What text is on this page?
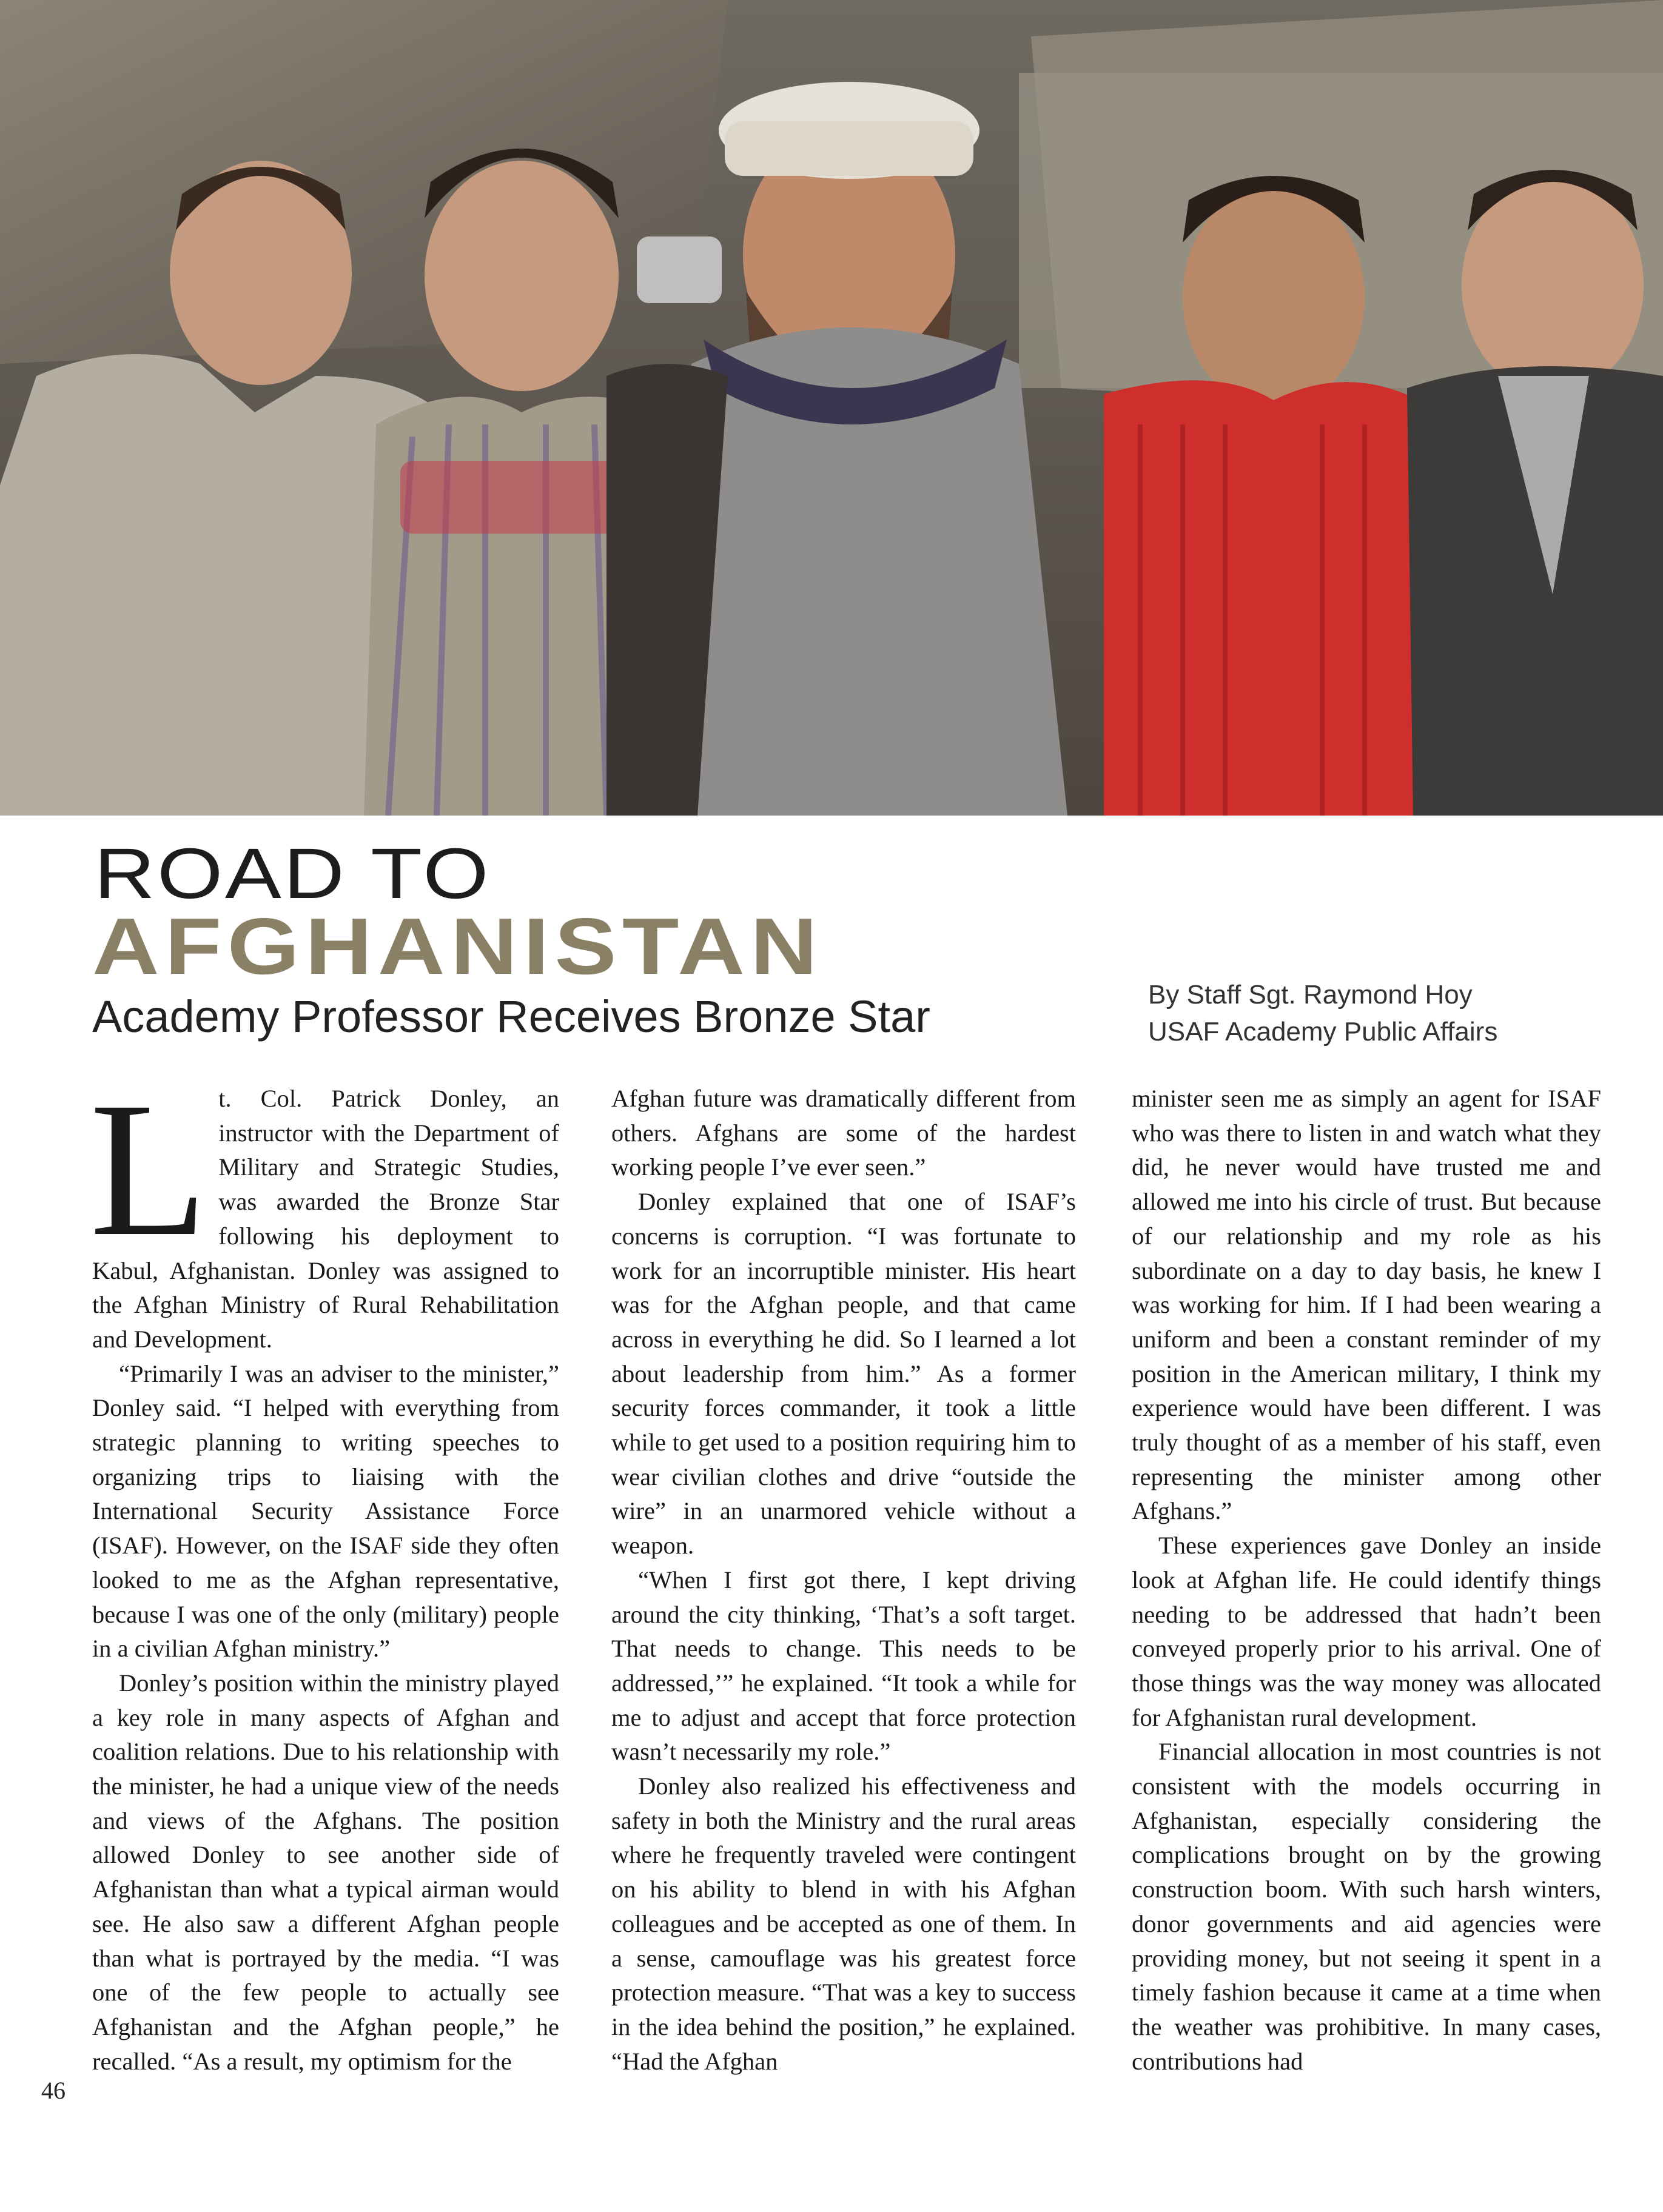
ROAD TO
AFGHANISTAN
Academy Professor Receives Bronze Star	By Staff Sgt. Raymond Hoy
USAF Academy Public Affairs
L t. Col. Patrick Donley, an instructor with the Department of Military and Strategic Studies, was awarded the Bronze Star following his deployment to Kabul, Afghanistan. Donley was assigned to the Afghan Ministry of Rural Rehabilitation and Development.

“Primarily I was an adviser to the minister,” Donley said. “I helped with everything from strategic planning to writing speeches to organizing trips to liaising with the International Security Assistance Force (ISAF). However, on the ISAF side they often looked to me as the Afghan representative, because I was one of the only (military) people in a civilian Afghan ministry.”

Donley’s position within the ministry played a key role in many aspects of Afghan and coalition relations. Due to his relationship with the minister, he had a unique view of the needs and views of the Afghans. The position allowed Donley to see another side of Afghanistan than what a typical airman would see. He also saw a different Afghan people than what is portrayed by the media. “I was one of the few people to actually see Afghanistan and the Afghan people,” he recalled. “As a result, my optimism for the

Afghan future was dramatically different from others. Afghans are some of the hardest working people I’ve ever seen.”

Donley explained that one of ISAF’s concerns is corruption. “I was fortunate to work for an incorruptible minister. His heart was for the Afghan people, and that came across in everything he did. So I learned a lot about leadership from him.” As a former security forces commander, it took a little while to get used to a position requiring him to wear civilian clothes and drive “outside the wire” in an unarmored vehicle without a weapon.

“When I first got there, I kept driving around the city thinking, ‘That’s a soft target. That needs to change. This needs to be addressed,’” he explained. “It took a while for me to adjust and accept that force protection wasn’t necessarily my role.”

Donley also realized his effectiveness and safety in both the Ministry and the rural areas where he frequently traveled were contingent on his ability to blend in with his Afghan colleagues and be accepted as one of them. In a sense, camouflage was his greatest force protection measure. “That was a key to success in the idea behind the position,” he explained. “Had the Afghan

minister seen me as simply an agent for ISAF who was there to listen in and watch what they did, he never would have trusted me and allowed me into his circle of trust. But because of our relationship and my role as his subordinate on a day to day basis, he knew I was working for him. If I had been wearing a uniform and been a constant reminder of my position in the American military, I think my experience would have been different. I was truly thought of as a member of his staff, even representing the minister among other Afghans.”

These experiences gave Donley an inside look at Afghan life. He could identify things needing to be addressed that hadn’t been conveyed properly prior to his arrival. One of those things was the way money was allocated for Afghanistan rural development.

Financial allocation in most countries is not consistent with the models occurring in Afghanistan, especially considering the complications brought on by the growing construction boom. With such harsh winters, donor governments and aid agencies were providing money, but not seeing it spent in a timely fashion because it came at a time when the weather was prohibitive. In many cases, contributions had

46
